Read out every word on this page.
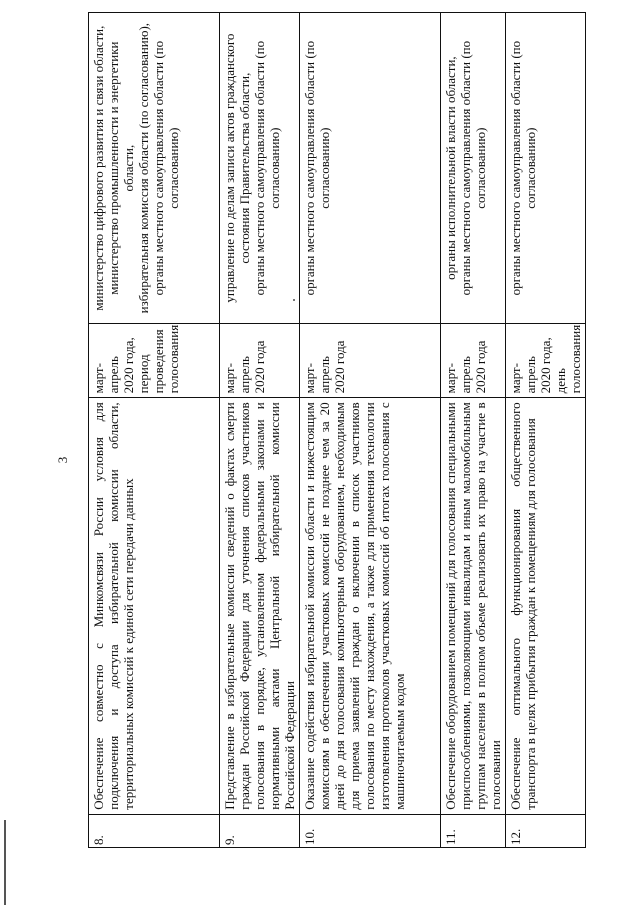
3
8.	Обеспечение совместно с Минкомсвязи России условия для подключения и доступа избирательной комиссии области, территориальных комиссий к единой сети передачи данных	март-апрель 2020 года, период проведения голосования	министерство цифрового развития и связи области, министерство промышленности и энергетики области, избирательная комиссия области (по согласованию), органы местного самоуправления области (по согласованию)

9.	Представление в избирательные комиссии сведений о фактах смерти граждан Российской Федерации для уточнения списков участников голосования в порядке, установленном федеральными законами и нормативными актами Центральной избирательной комиссии Российской Федерации	март-апрель 2020 года	управление по делам записи актов гражданского состояния Правительства области, органы местного самоуправления области (по согласованию)

10.	Оказание содействия избирательной комиссии области и нижестоящим комиссиям в обеспечении участковых комиссий не позднее чем за 20 дней до дня голосования компьютерным оборудованием, необходимым для приема заявлений граждан о включении в список участников голосования по месту нахождения, а также для применения технологии изготовления протоколов участковых комиссий об итогах голосования с машиночитаемым кодом	март-апрель 2020 года	органы местного самоуправления области (по согласованию)

11.	Обеспечение оборудованием помещений для голосования специальными приспособлениями, позволяющими инвалидам и иным маломобильным группам населения в полном объеме реализовать их право на участие в голосовании	март-апрель 2020 года	органы исполнительной власти области, органы местного самоуправления области (по согласованию)

12.	Обеспечение оптимального функционирования общественного транспорта в целях прибытия граждан к помещениям для голосования	март-апрель 2020 года, день голосования	органы местного самоуправления области (по согласованию)
